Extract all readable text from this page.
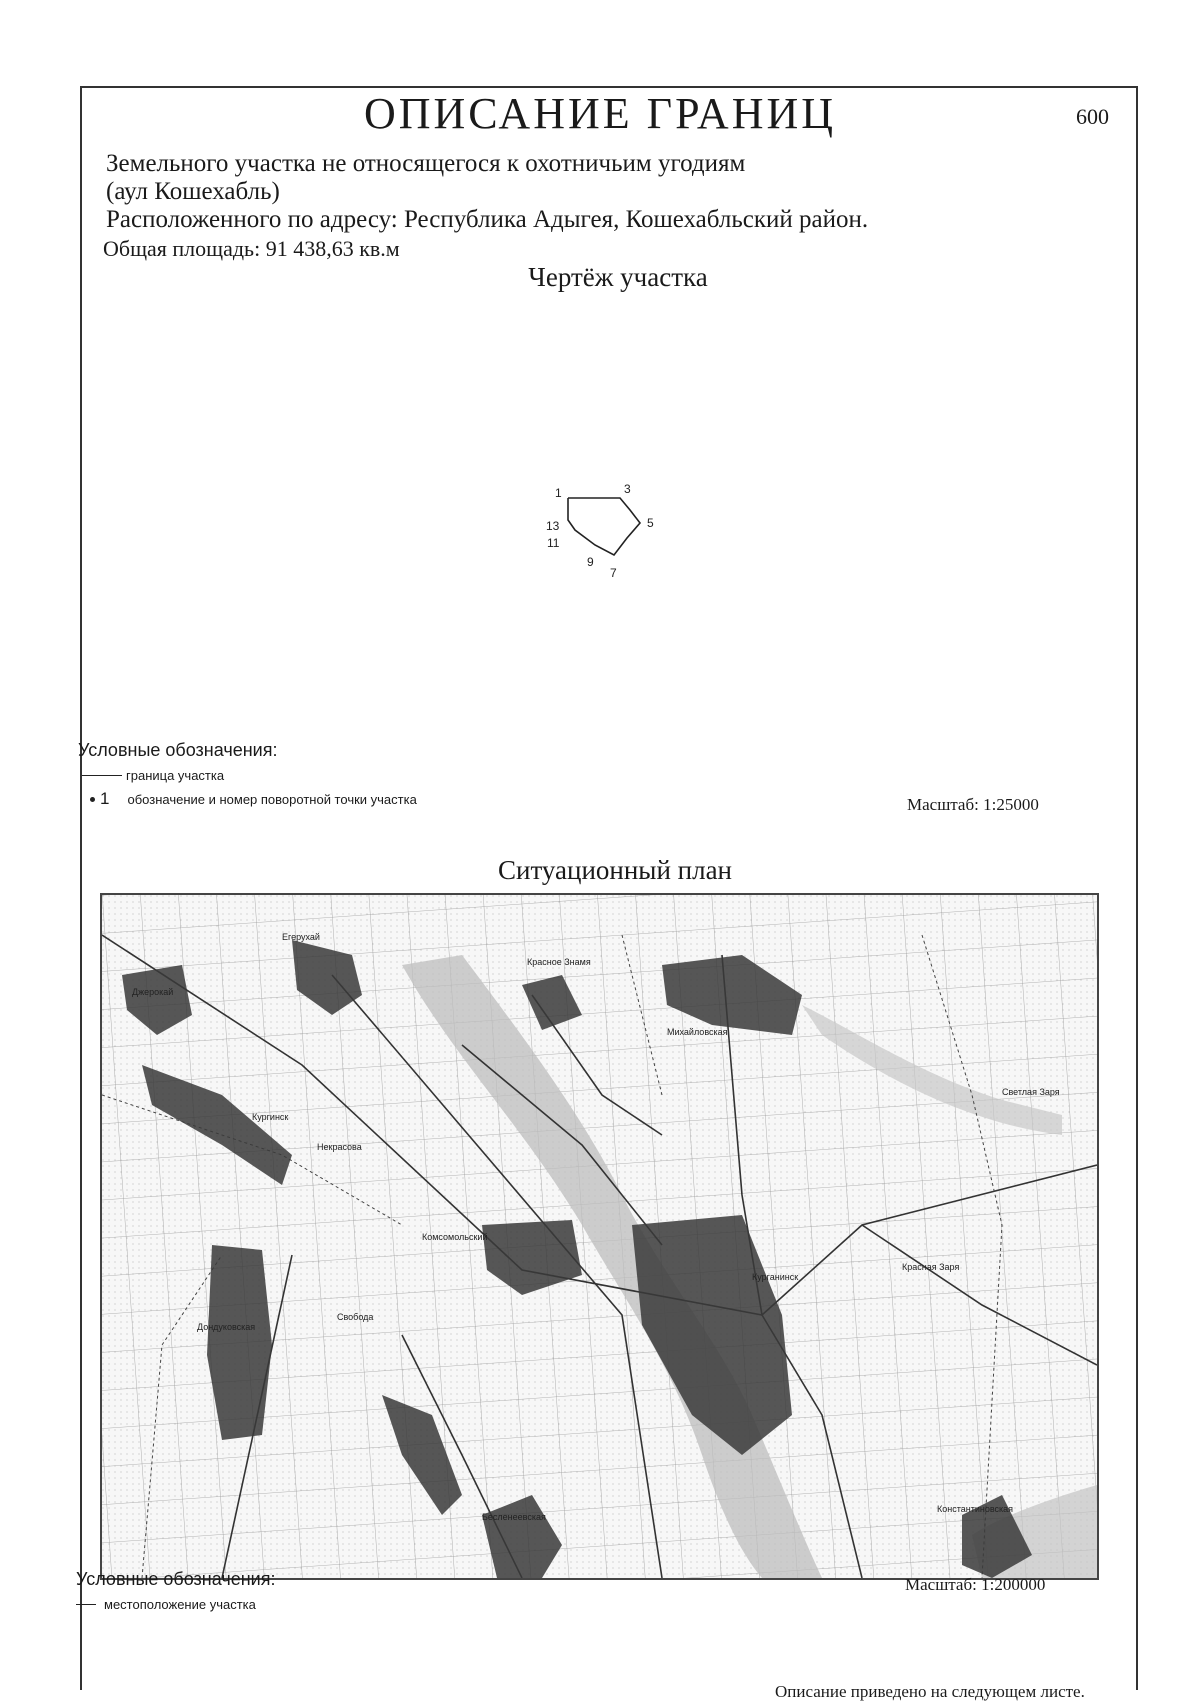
ОПИСАНИЕ ГРАНИЦ	600
Земельного участка не относящегося к охотничьим угодиям
(аул Кошехабль)
Расположенного по адресу: Республика Адыгея, Кошехабльский район.
Общая площадь: 91 438,63 кв.м
Чертёж участка
1	3
5
13
11
9
7
Условные обозначения:
граница участка
1 обозначение и номер поворотной точки участка	Масштаб: 1:25000
Ситуационный план
Джерокай
Егерухай
Красное Знамя
Михайловская
Светлая Заря
Кургинск
Некрасова
Комсомольский
Дондуковская
Свобода
Бесленеевская
Красная Заря
Курганинск
Константиновская
Условные обозначения:
местоположение участка
Масштаб: 1:200000
Описание приведено на следующем листе.
